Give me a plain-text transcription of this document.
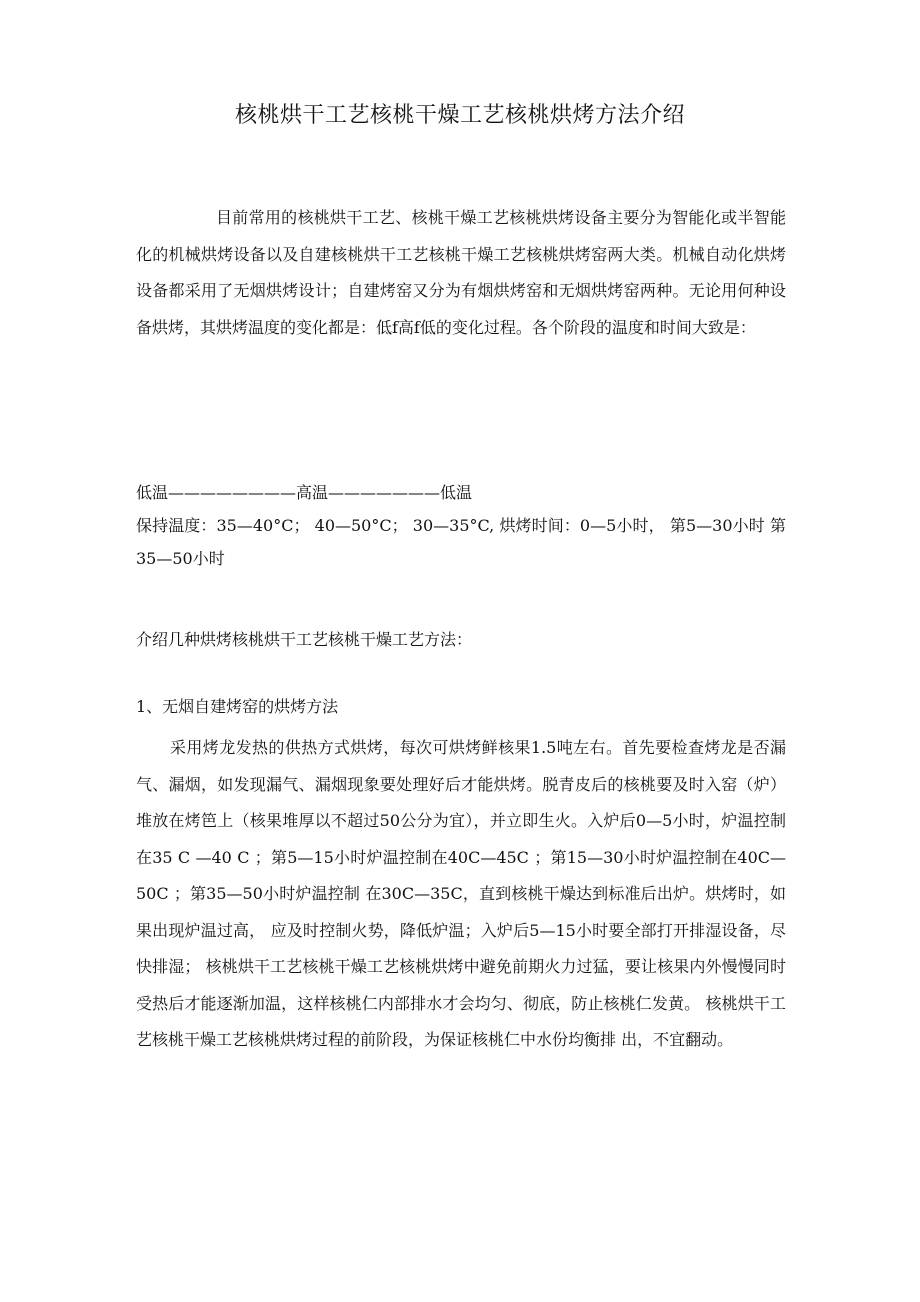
核桃烘干工艺核桃干燥工艺核桃烘烤方法介绍

目前常用的核桃烘干工艺、核桃干燥工艺核桃烘烤设备主要分为智能化或半智能化的机械烘烤设备以及自建核桃烘干工艺核桃干燥工艺核桃烘烤窑两大类。机械自动化烘烤设备都采用了无烟烘烤设计；自建烤窑又分为有烟烘烤窑和无烟烘烤窑两种。无论用何种设备烘烤，其烘烤温度的变化都是：低f高f低的变化过程。各个阶段的温度和时间大致是：

低温————————高温———————低温
保持温度：35—40°C； 40—50°C； 30—35°C, 烘烤时间：0—5小时， 第5—30小时 第35—50小时

介绍几种烘烤核桃烘干工艺核桃干燥工艺方法：

1、无烟自建烤窑的烘烤方法

采用烤龙发热的供热方式烘烤，每次可烘烤鲜核果1.5吨左右。首先要检查烤龙是否漏气、漏烟，如发现漏气、漏烟现象要处理好后才能烘烤。脱青皮后的核桃要及时入窑（炉）堆放在烤笆上（核果堆厚以不超过50公分为宜），并立即生火。入炉后0—5小时，炉温控制在35 C —40 C ；第5—15小时炉温控制在40C—45C ；第15—30小时炉温控制在40C—50C ；第35—50小时炉温控制 在30C—35C，直到核桃干燥达到标准后出炉。烘烤时，如果出现炉温过高， 应及时控制火势，降低炉温；入炉后5—15小时要全部打开排湿设备，尽快排湿； 核桃烘干工艺核桃干燥工艺核桃烘烤中避免前期火力过猛，要让核果内外慢慢同时受热后才能逐渐加温，这样核桃仁内部排水才会均匀、彻底，防止核桃仁发黄。 核桃烘干工艺核桃干燥工艺核桃烘烤过程的前阶段，为保证核桃仁中水份均衡排 出，不宜翻动。
